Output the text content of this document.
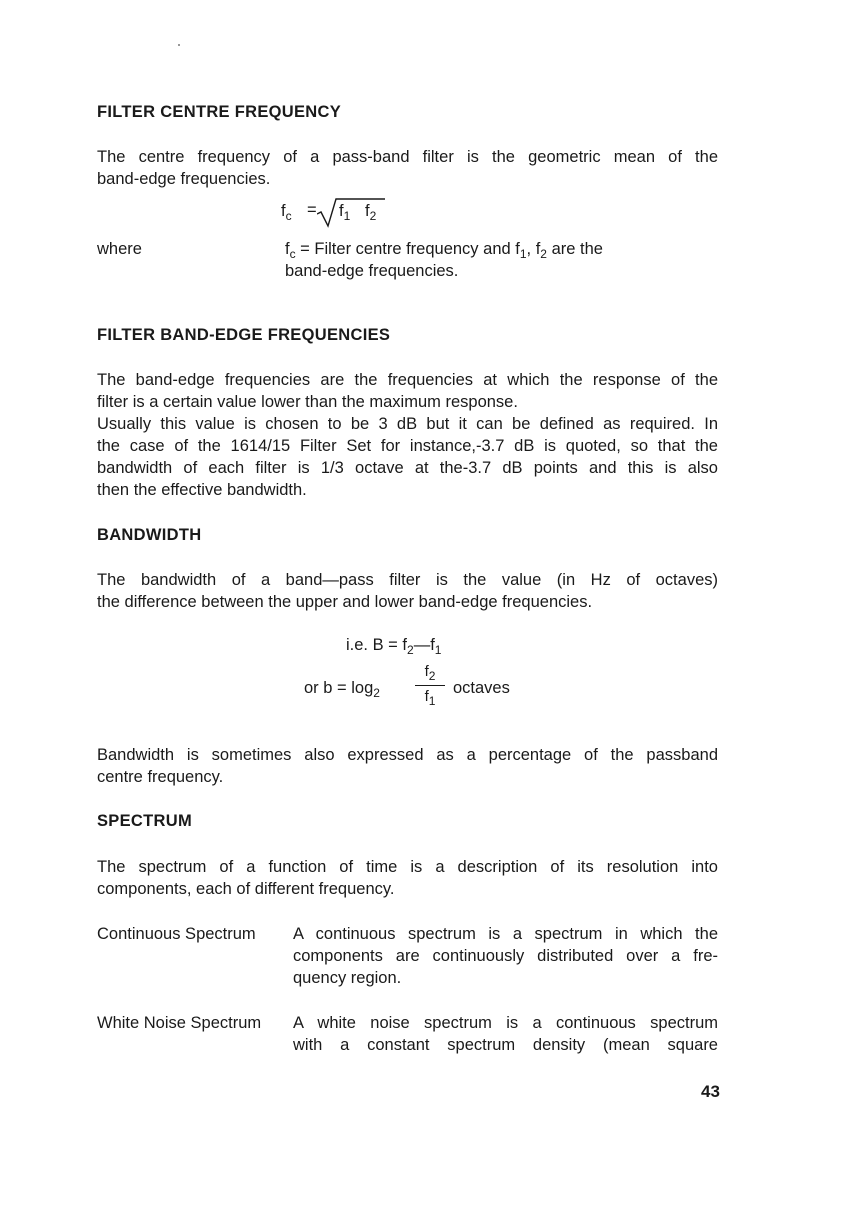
FILTER CENTRE FREQUENCY
The centre frequency of a pass-band filter is the geometric mean of the
band-edge frequencies.
$f_c = f_1$ $f_2$
where	$f_c$ = Filter centre frequency and $f_1$, $f_2$ are the
band-edge frequencies.
FILTER BAND-EDGE FREQUENCIES
The band-edge frequencies are the frequencies at which the response of the
filter is a certain value lower than the maximum response.
Usually this value is chosen to be 3 dB but it can be defined as required. In
the case of the 1614/15 Filter Set for instance,-3.7 dB is quoted, so that the
bandwidth of each filter is 1/3 octave at the-3.7 dB points and this is also
then the effective bandwidth.
BANDWIDTH
The bandwidth of a band—pass filter is the value (in Hz of octaves)
the difference between the upper and lower band-edge frequencies.
i.e. $B = f_2—f_1$
or $b = \log_2$
$f_2$
$f_1$
octaves
Bandwidth is sometimes also expressed as a percentage of the passband
centre frequency.
SPECTRUM
The spectrum of a function of time is a description of its resolution into
components, each of different frequency.
Continuous Spectrum A continuous spectrum is a spectrum in which the
components are continuously distributed over a fre-
quency region.
White Noise Spectrum A white noise spectrum is a continuous spectrum
with a constant spectrum density (mean square
43
